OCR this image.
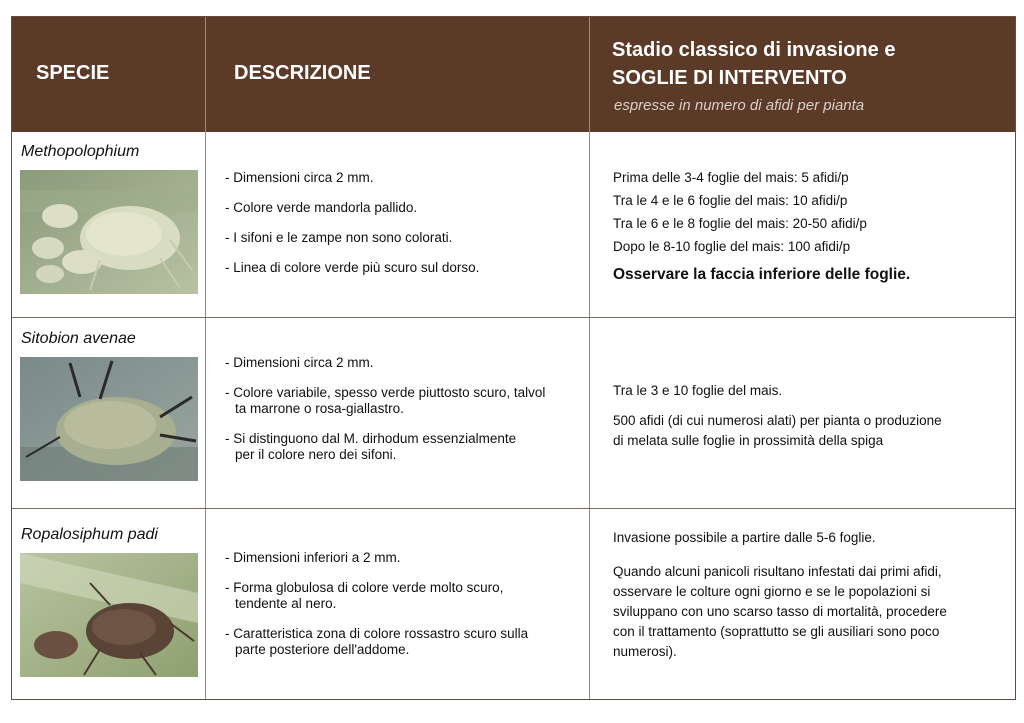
SPECIE	DESCRIZIONE
Stadio classico di invasione e
SOGLIE DI INTERVENTO
espresse in numero di afidi per pianta
Methopolophium

- Dimensioni circa 2 mm.

- Colore verde mandorla pallido.

- I sifoni e le zampe non sono colorati.

- Linea di colore verde più scuro sul dorso.

Prima delle 3-4 foglie del mais: 5 afidi/p

Tra le 4 e le 6 foglie del mais: 10 afidi/p

Tra le 6 e le 8 foglie del mais: 20-50 afidi/p

Dopo le 8-10 foglie del mais: 100 afidi/p

Osservare la faccia inferiore delle foglie.

Sitobion avenae

- Dimensioni circa 2 mm.

- Colore variabile, spesso verde piuttosto scuro, talvol

ta marrone o rosa-giallastro.

- Si distinguono dal M. dirhodum essenzialmente

per il colore nero dei sifoni.

Tra le 3 e 10 foglie del mais.

500 afidi (di cui numerosi alati) per pianta o produzione

di melata sulle foglie in prossimità della spiga

Ropalosiphum padi

- Dimensioni inferiori a 2 mm.

- Forma globulosa di colore verde molto scuro,

tendente al nero.

- Caratteristica zona di colore rossastro scuro sulla

parte posteriore dell'addome.

Invasione possibile a partire dalle 5-6 foglie.

Quando alcuni panicoli risultano infestati dai primi afidi,

osservare le colture ogni giorno e se le popolazioni si

sviluppano con uno scarso tasso di mortalità, procedere

con il trattamento (soprattutto se gli ausiliari sono poco

numerosi).
